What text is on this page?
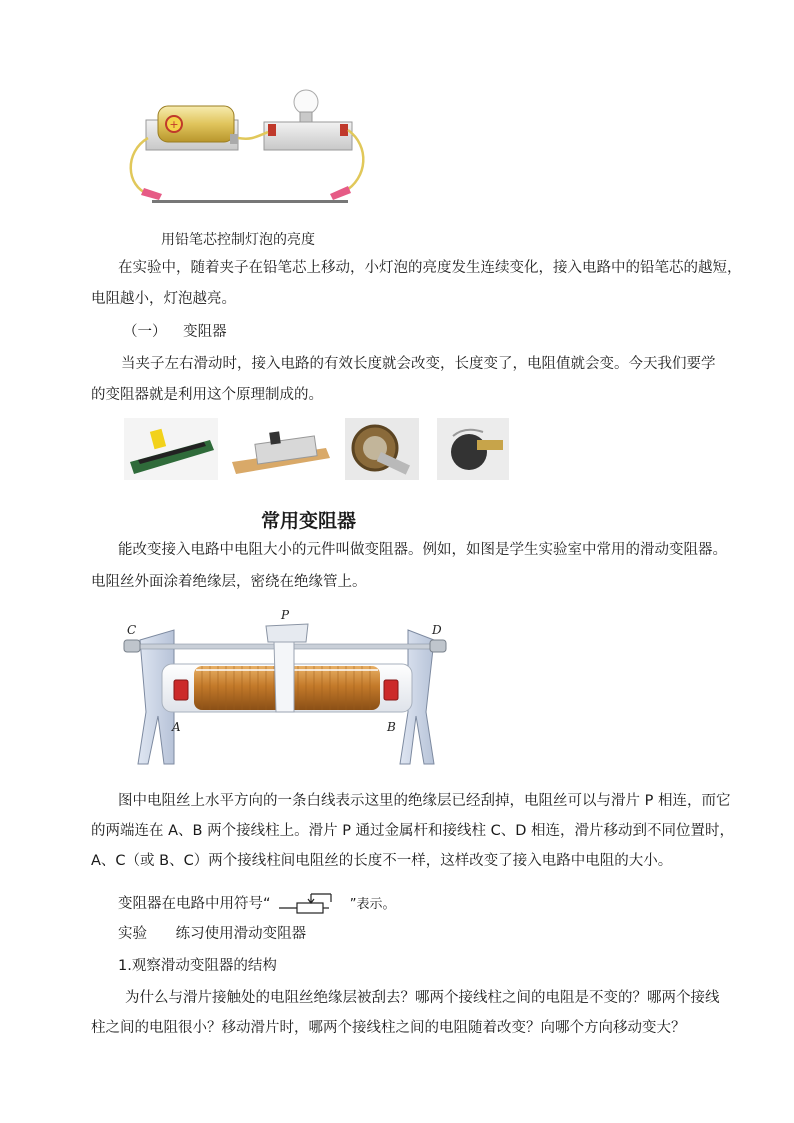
+
用铅笔芯控制灯泡的亮度
在实验中，随着夹子在铅笔芯上移动，小灯泡的亮度发生连续变化，接入电路中的铅笔芯的越短，
电阻越小，灯泡越亮。
（一） 变阻器
当夹子左右滑动时，接入电路的有效长度就会改变，长度变了，电阻值就会变。今天我们要学
的变阻器就是利用这个原理制成的。
常用变阻器
能改变接入电路中电阻大小的元件叫做变阻器。例如，如图是学生实验室中常用的滑动变阻器。
电阻丝外面涂着绝缘层，密绕在绝缘管上。
P
C	D
A	B
图中电阻丝上水平方向的一条白线表示这里的绝缘层已经刮掉，电阻丝可以与滑片 P 相连，而它
的两端连在 A、B 两个接线柱上。滑片 P 通过金属杆和接线柱 C、D 相连，滑片移动到不同位置时，
A、C（或 B、C）两个接线柱间电阻丝的长度不一样，这样改变了接入电路中电阻的大小。
变阻器在电路中用符号“	”表示。
实验 练习使用滑动变阻器
1.观察滑动变阻器的结构
为什么与滑片接触处的电阻丝绝缘层被刮去？哪两个接线柱之间的电阻是不变的？哪两个接线
柱之间的电阻很小？移动滑片时，哪两个接线柱之间的电阻随着改变？向哪个方向移动变大？
